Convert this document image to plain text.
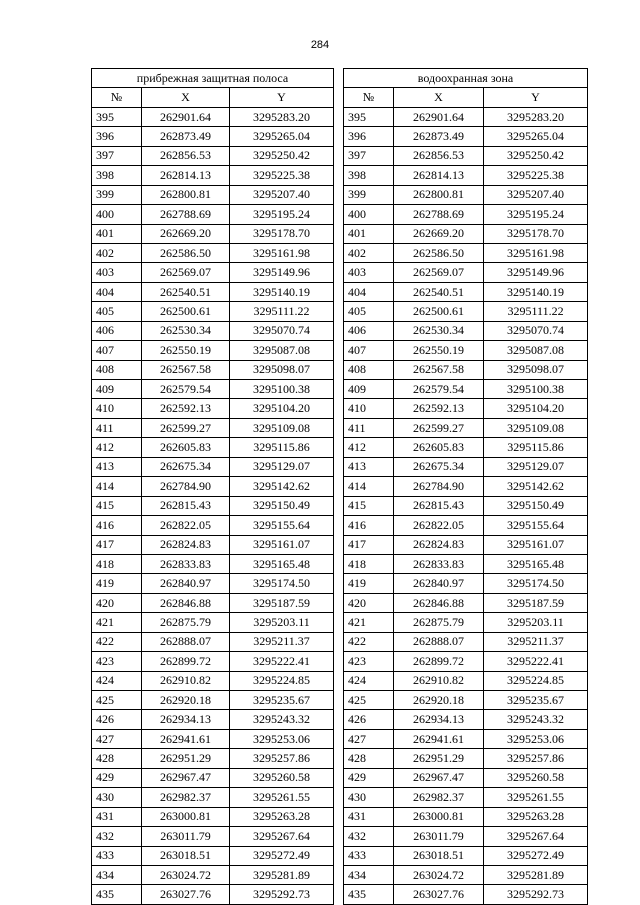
284
прибрежная защитная полоса		
№	X	Y
395	262901.64	3295283.20
396	262873.49	3295265.04
397	262856.53	3295250.42
398	262814.13	3295225.38
399	262800.81	3295207.40
400	262788.69	3295195.24
401	262669.20	3295178.70
402	262586.50	3295161.98
403	262569.07	3295149.96
404	262540.51	3295140.19
405	262500.61	3295111.22
406	262530.34	3295070.74
407	262550.19	3295087.08
408	262567.58	3295098.07
409	262579.54	3295100.38
410	262592.13	3295104.20
411	262599.27	3295109.08
412	262605.83	3295115.86
413	262675.34	3295129.07
414	262784.90	3295142.62
415	262815.43	3295150.49
416	262822.05	3295155.64
417	262824.83	3295161.07
418	262833.83	3295165.48
419	262840.97	3295174.50
420	262846.88	3295187.59
421	262875.79	3295203.11
422	262888.07	3295211.37
423	262899.72	3295222.41
424	262910.82	3295224.85
425	262920.18	3295235.67
426	262934.13	3295243.32
427	262941.61	3295253.06
428	262951.29	3295257.86
429	262967.47	3295260.58
430	262982.37	3295261.55
431	263000.81	3295263.28
432	263011.79	3295267.64
433	263018.51	3295272.49
434	263024.72	3295281.89
435	263027.76	3295292.73
водоохранная зона		
№	X	Y
395	262901.64	3295283.20
396	262873.49	3295265.04
397	262856.53	3295250.42
398	262814.13	3295225.38
399	262800.81	3295207.40
400	262788.69	3295195.24
401	262669.20	3295178.70
402	262586.50	3295161.98
403	262569.07	3295149.96
404	262540.51	3295140.19
405	262500.61	3295111.22
406	262530.34	3295070.74
407	262550.19	3295087.08
408	262567.58	3295098.07
409	262579.54	3295100.38
410	262592.13	3295104.20
411	262599.27	3295109.08
412	262605.83	3295115.86
413	262675.34	3295129.07
414	262784.90	3295142.62
415	262815.43	3295150.49
416	262822.05	3295155.64
417	262824.83	3295161.07
418	262833.83	3295165.48
419	262840.97	3295174.50
420	262846.88	3295187.59
421	262875.79	3295203.11
422	262888.07	3295211.37
423	262899.72	3295222.41
424	262910.82	3295224.85
425	262920.18	3295235.67
426	262934.13	3295243.32
427	262941.61	3295253.06
428	262951.29	3295257.86
429	262967.47	3295260.58
430	262982.37	3295261.55
431	263000.81	3295263.28
432	263011.79	3295267.64
433	263018.51	3295272.49
434	263024.72	3295281.89
435	263027.76	3295292.73
